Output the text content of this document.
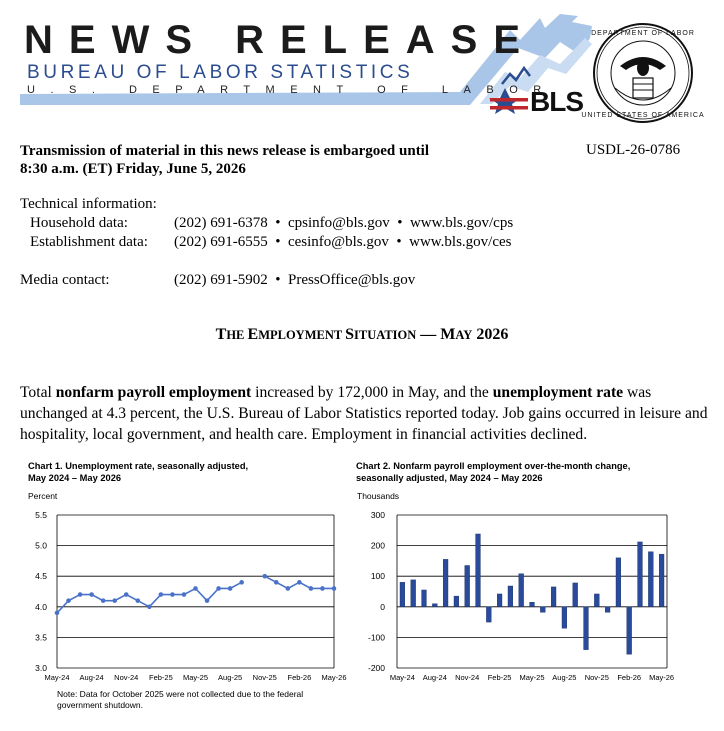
DEPARTMENT OF LABOR
UNITED STATES OF AMERICA
NEWS RELEASE
BUREAU OF LABOR STATISTICS
U.S. DEPARTMENT OF LABOR
BLS
Transmission of material in this news release is embargoed until
8:30 a.m. (ET) Friday, June 5, 2026
USDL-26-0786
Technical information:
Household data:	(202) 691-6378  •  cpsinfo@bls.gov  •  www.bls.gov/cps
Establishment data: (202) 691-6555  •  cesinfo@bls.gov  •  www.bls.gov/ces
Media contact:	(202) 691-5902  •  PressOffice@bls.gov
THE EMPLOYMENT SITUATION — MAY 2026
Total nonfarm payroll employment increased by 172,000 in May, and the unemployment rate was unchanged at 4.3 percent, the U.S. Bureau of Labor Statistics reported today. Job gains occurred in leisure and hospitality, local government, and health care. Employment in financial activities declined.
Chart 1. Unemployment rate, seasonally adjusted,
May 2024 – May 2026
Percent
3.0
3.5
4.0
4.5
5.0
5.5
May-24 Aug-24 Nov-24 Feb-25 May-25 Aug-25 Nov-25 Feb-26 May-26
Note: Data for October 2025 were not collected due to the federal government shutdown.
Chart 2. Nonfarm payroll employment over-the-month change,
seasonally adjusted, May 2024 – May 2026
Thousands
300
200
100
0
-100
-200
May-24 Aug-24 Nov-24 Feb-25 May-25 Aug-25 Nov-25 Feb-26 May-26
